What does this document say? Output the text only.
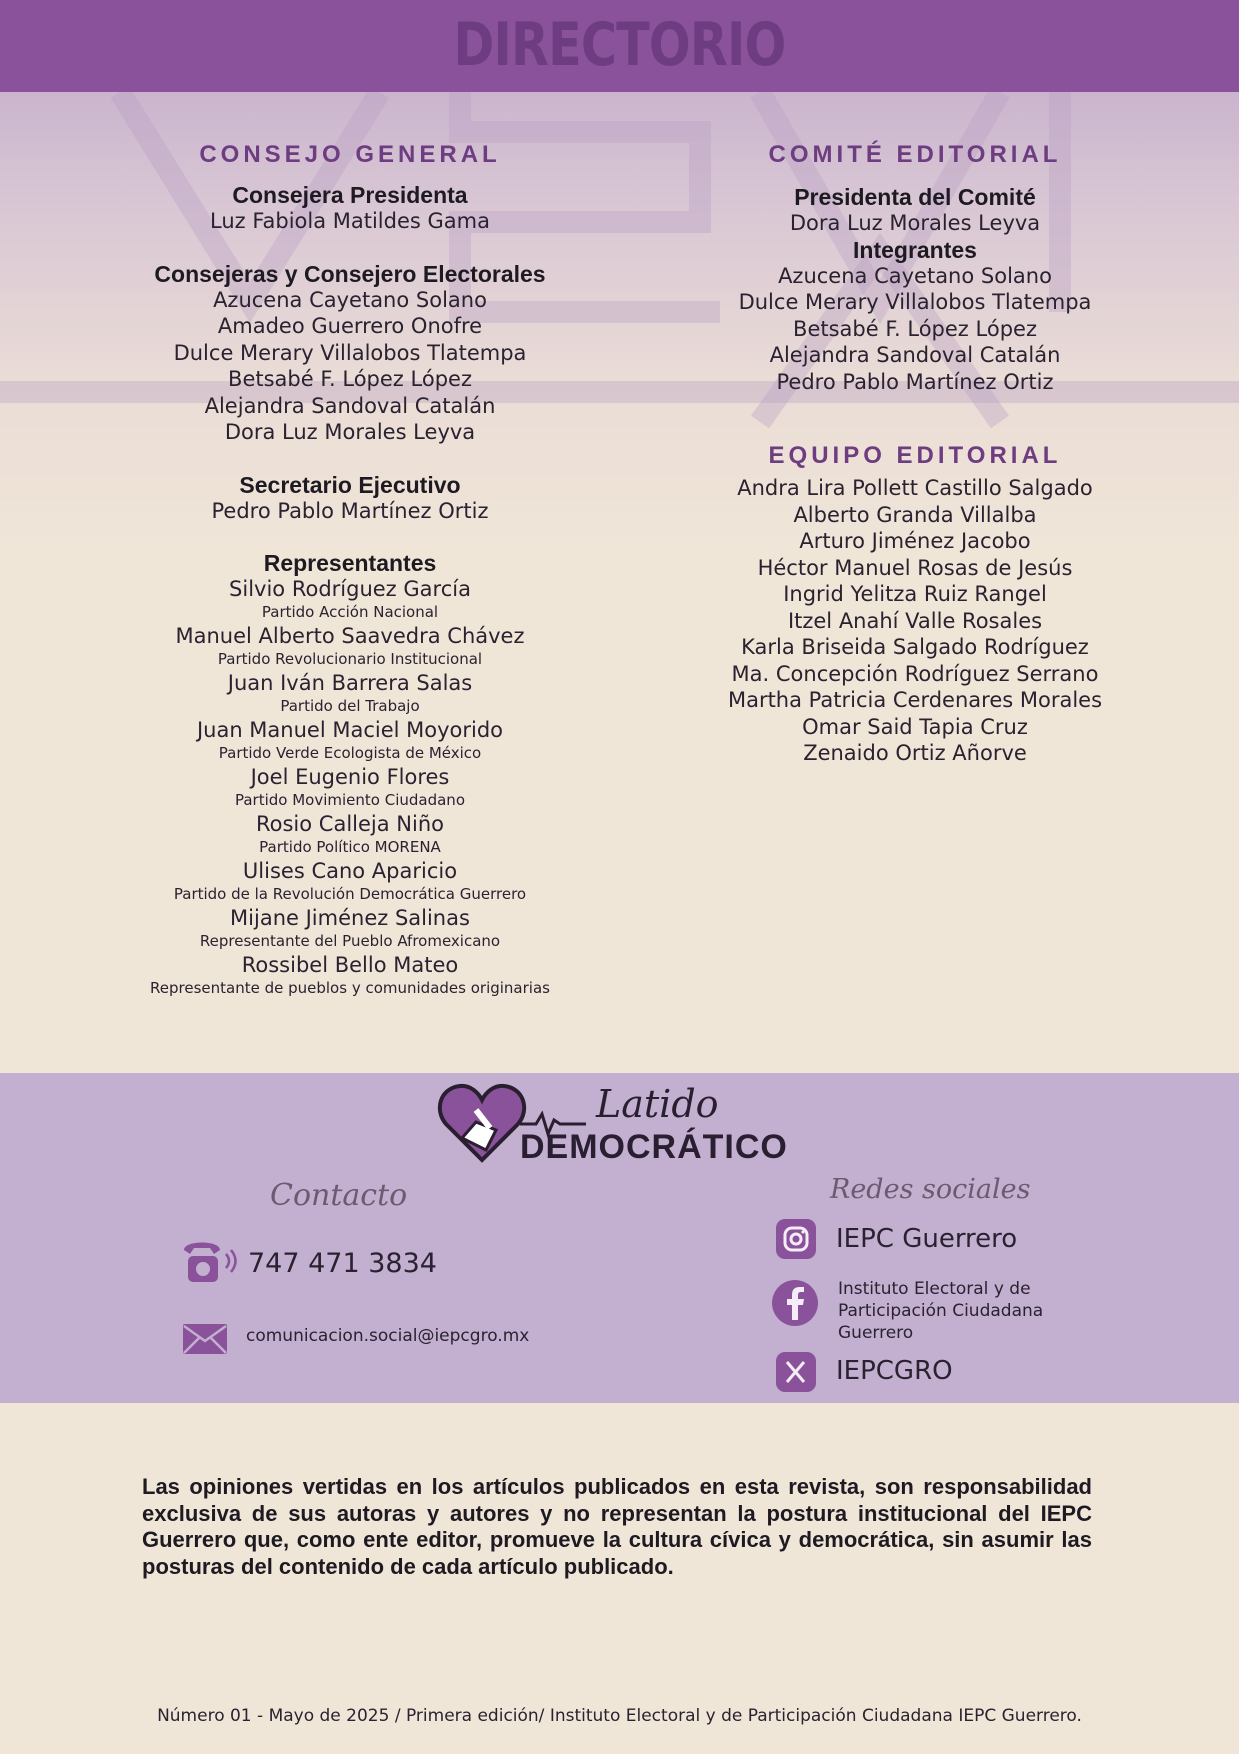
DIRECTORIO
CONSEJO GENERAL
Consejera Presidenta
Luz Fabiola Matildes Gama
Consejeras y Consejero Electorales
Azucena Cayetano Solano
Amadeo Guerrero Onofre
Dulce Merary Villalobos Tlatempa
Betsabé F. López López
Alejandra Sandoval Catalán
Dora Luz Morales Leyva
Secretario Ejecutivo
Pedro Pablo Martínez Ortiz
Representantes
Silvio Rodríguez García
Partido Acción Nacional
Manuel Alberto Saavedra Chávez
Partido Revolucionario Institucional
Juan Iván Barrera Salas
Partido del Trabajo
Juan Manuel Maciel Moyorido
Partido Verde Ecologista de México
Joel Eugenio Flores
Partido Movimiento Ciudadano
Rosio Calleja Niño
Partido Político MORENA
Ulises Cano Aparicio
Partido de la Revolución Democrática Guerrero
Mijane Jiménez Salinas
Representante del Pueblo Afromexicano
Rossibel Bello Mateo
Representante de pueblos y comunidades originarias
COMITÉ EDITORIAL
Presidenta del Comité
Dora Luz Morales Leyva
Integrantes
Azucena Cayetano Solano
Dulce Merary Villalobos Tlatempa
Betsabé F. López López
Alejandra Sandoval Catalán
Pedro Pablo Martínez Ortiz
EQUIPO EDITORIAL
Andra Lira Pollett Castillo Salgado
Alberto Granda Villalba
Arturo Jiménez Jacobo
Héctor Manuel Rosas de Jesús
Ingrid Yelitza Ruiz Rangel
Itzel Anahí Valle Rosales
Karla Briseida Salgado Rodríguez
Ma. Concepción Rodríguez Serrano
Martha Patricia Cerdenares Morales
Omar Said Tapia Cruz
Zenaido Ortiz Añorve
Latido
DEMOCRÁTICO
Contacto
747 471 3834
comunicacion.social@iepcgro.mx
Redes sociales
IEPC Guerrero
Instituto Electoral y de
Participación Ciudadana
Guerrero
IEPCGRO
Las opiniones vertidas en los artículos publicados en esta revista, son responsabilidad exclusiva de sus autoras y autores y no representan la postura institucional del IEPC Guerrero que, como ente editor, promueve la cultura cívica y democrática, sin asumir las posturas del contenido de cada artículo publicado.
Número 01 - Mayo de 2025 / Primera edición/ Instituto Electoral y de Participación Ciudadana IEPC Guerrero.
